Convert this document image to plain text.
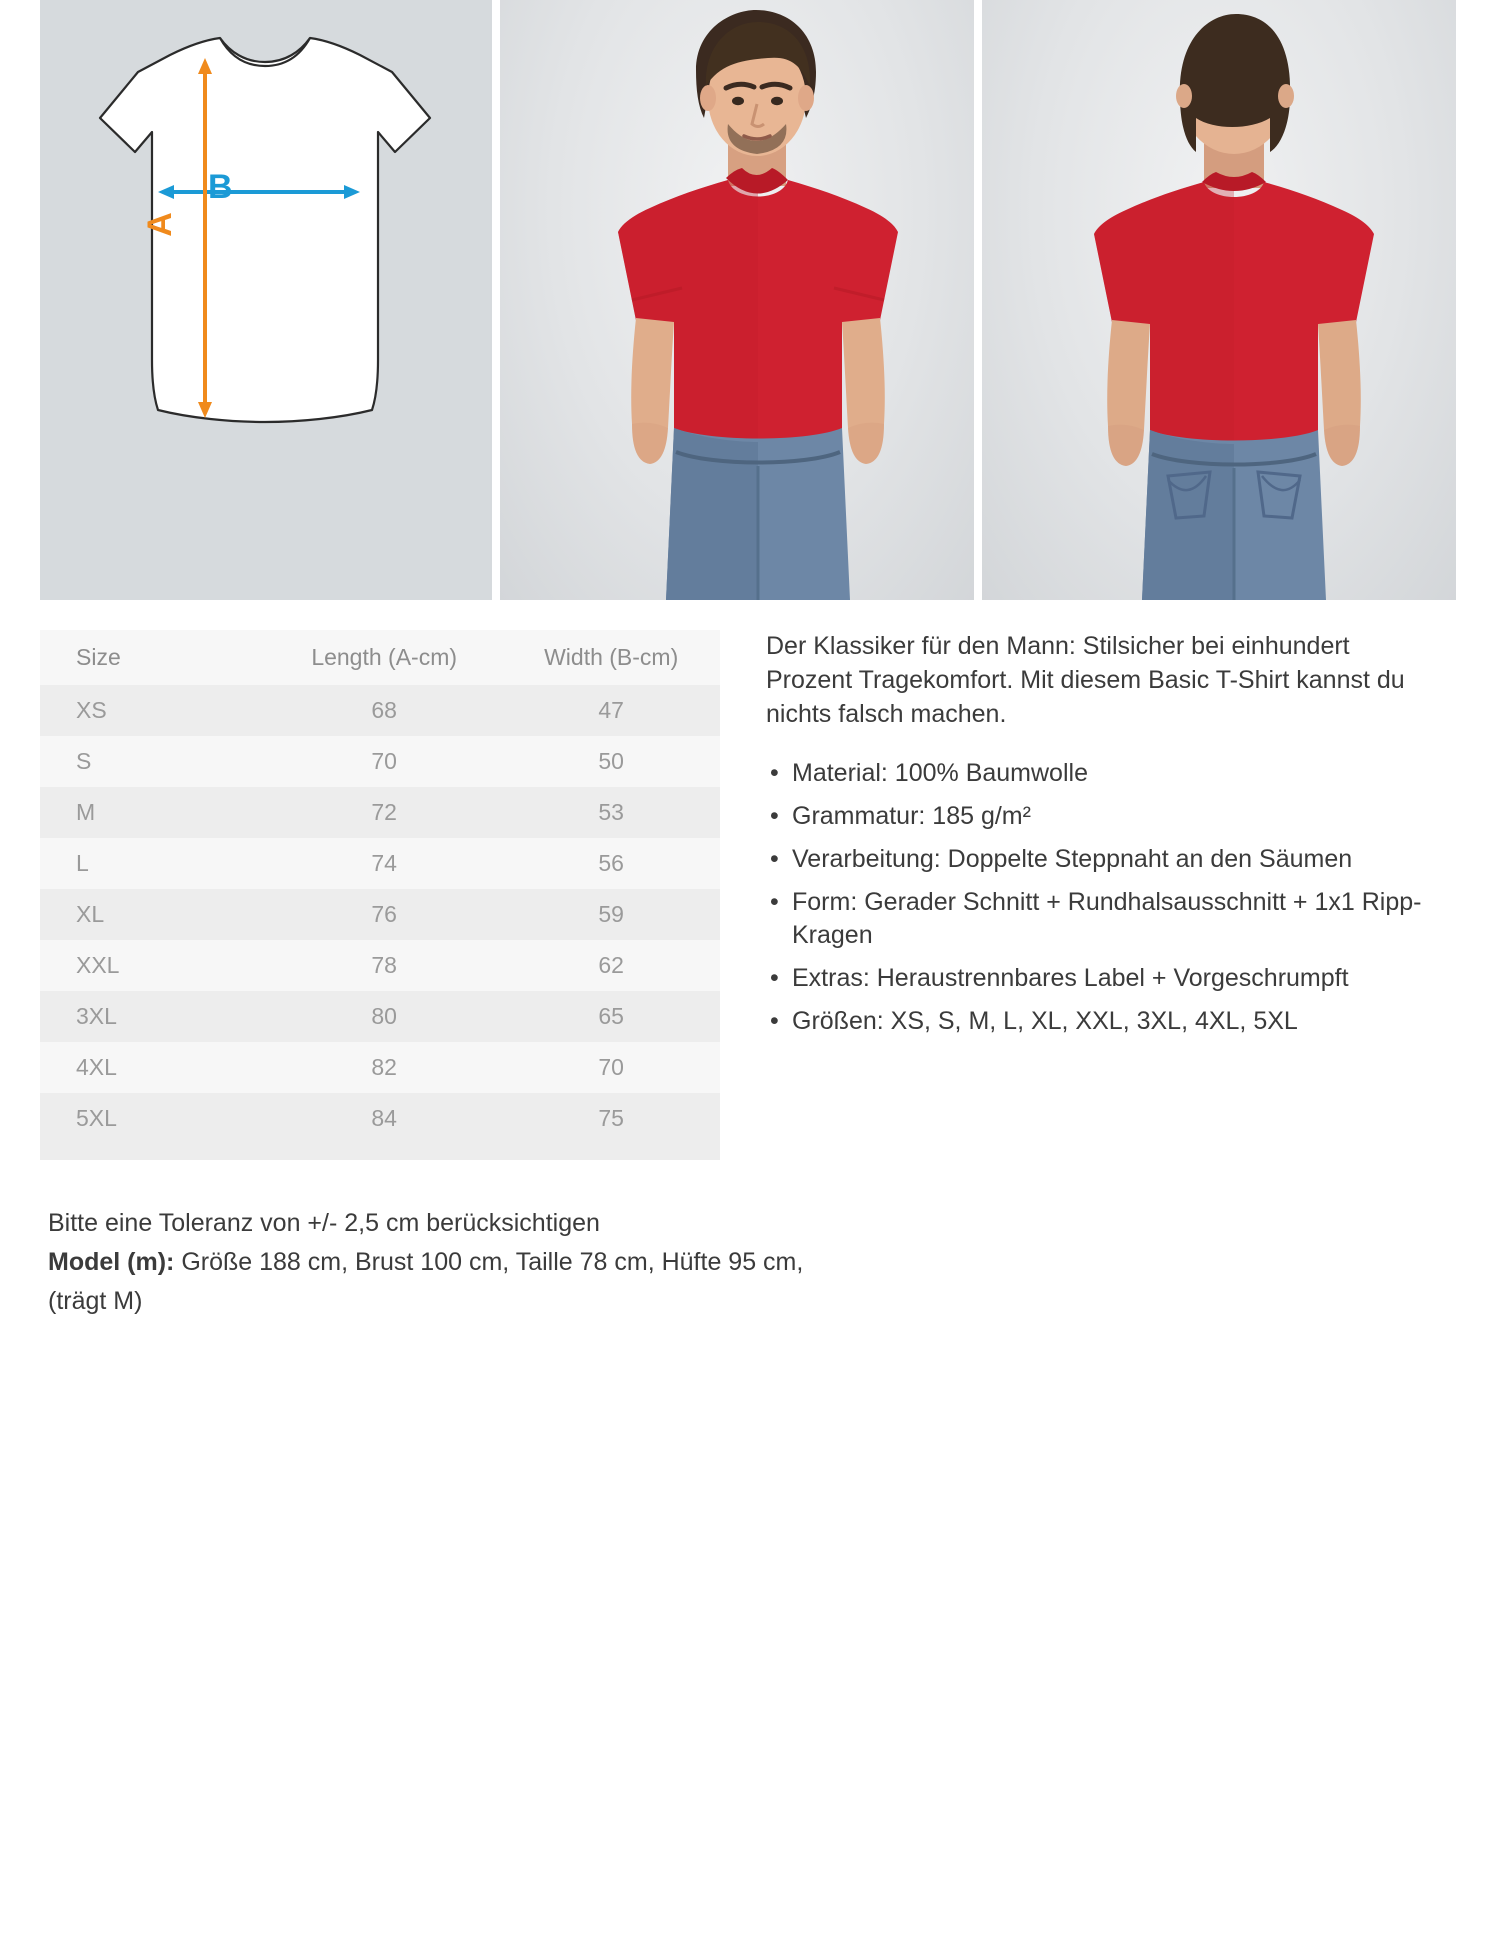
B
A
Size	Length (A-cm)	Width (B-cm)
XS	68	47
S	70	50
M	72	53
L	74	56
XL	76	59
XXL	78	62
3XL	80	65
4XL	82	70
5XL	84	75

Der Klassiker für den Mann: Stilsicher bei einhundert Prozent Tragekomfort. Mit diesem Basic T-Shirt kannst du nichts falsch machen.

• Material: 100% Baumwolle
• Grammatur: 185 g/m²
• Verarbeitung: Doppelte Steppnaht an den Säumen
• Form: Gerader Schnitt + Rundhalsausschnitt + 1x1 Ripp-Kragen
• Extras: Heraustrennbares Label + Vorgeschrumpft
• Größen: XS, S, M, L, XL, XXL, 3XL, 4XL, 5XL
Bitte eine Toleranz von +/- 2,5 cm berücksichtigen
Model (m): Größe 188 cm, Brust 100 cm, Taille 78 cm, Hüfte 95 cm, (trägt M)
